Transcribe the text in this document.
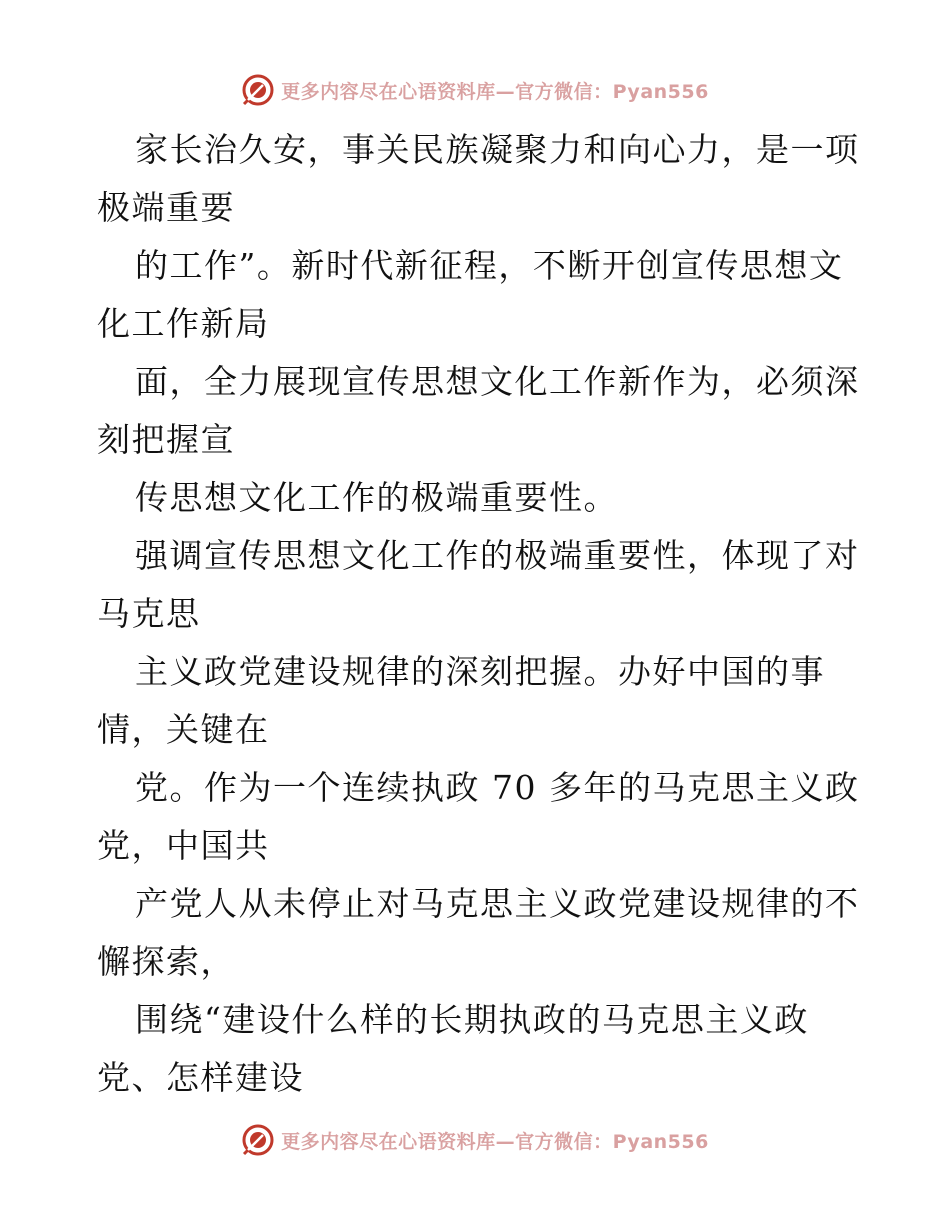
更多内容尽在心语资料库—官方微信：Pyan556
家长治久安，事关民族凝聚力和向心力，是一项
极端重要
的工作”。新时代新征程，不断开创宣传思想文
化工作新局
面，全力展现宣传思想文化工作新作为，必须深
刻把握宣
传思想文化工作的极端重要性。
强调宣传思想文化工作的极端重要性，体现了对
马克思
主义政党建设规律的深刻把握。办好中国的事
情，关键在
党。作为一个连续执政 70 多年的马克思主义政
党，中国共
产党人从未停止对马克思主义政党建设规律的不
懈探索，
围绕“建设什么样的长期执政的马克思主义政
党、怎样建设
更多内容尽在心语资料库—官方微信：Pyan556
